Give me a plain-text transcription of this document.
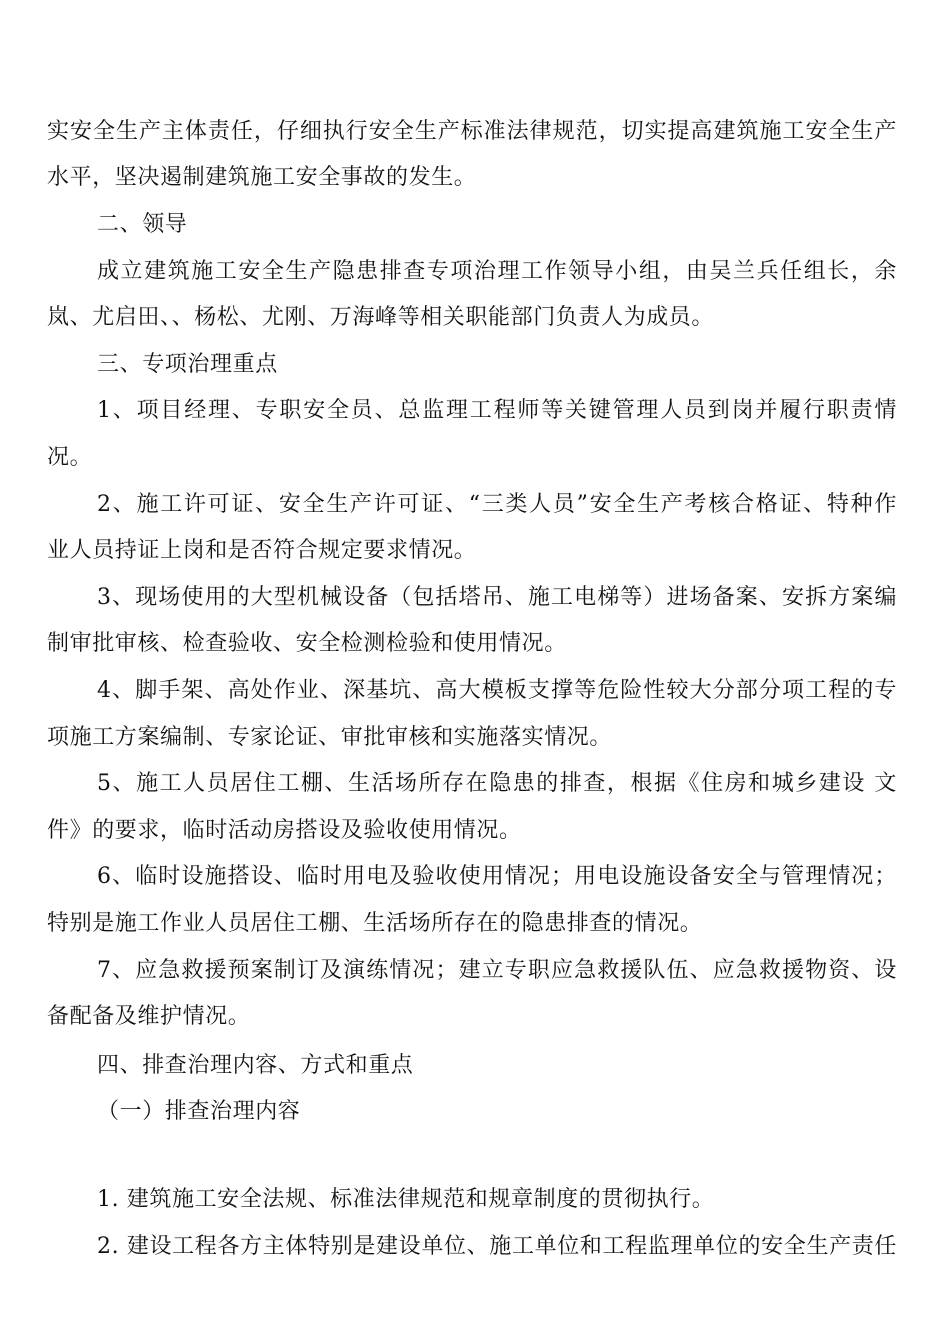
实安全生产主体责任，仔细执行安全生产标准法律规范，切实提高建筑施工安全生产
水平，坚决遏制建筑施工安全事故的发生。
二、领导
成立建筑施工安全生产隐患排查专项治理工作领导小组，由吴兰兵任组长，余
岚、尤启田、、杨松、尤刚、万海峰等相关职能部门负责人为成员。
三、专项治理重点
1、项目经理、专职安全员、总监理工程师等关键管理人员到岗并履行职责情
况。
2、施工许可证、安全生产许可证、“三类人员”安全生产考核合格证、特种作
业人员持证上岗和是否符合规定要求情况。
3、现场使用的大型机械设备（包括塔吊、施工电梯等）进场备案、安拆方案编
制审批审核、检查验收、安全检测检验和使用情况。
4、脚手架、高处作业、深基坑、高大模板支撑等危险性较大分部分项工程的专
项施工方案编制、专家论证、审批审核和实施落实情况。
5、施工人员居住工棚、生活场所存在隐患的排查，根据《住房和城乡建设 文
件》的要求，临时活动房搭设及验收使用情况。
6、临时设施搭设、临时用电及验收使用情况；用电设施设备安全与管理情况；
特别是施工作业人员居住工棚、生活场所存在的隐患排查的情况。
7、应急救援预案制订及演练情况；建立专职应急救援队伍、应急救援物资、设
备配备及维护情况。
四、排查治理内容、方式和重点
（一）排查治理内容
1. 建筑施工安全法规、标准法律规范和规章制度的贯彻执行。
2. 建设工程各方主体特别是建设单位、施工单位和工程监理单位的安全生产责任
